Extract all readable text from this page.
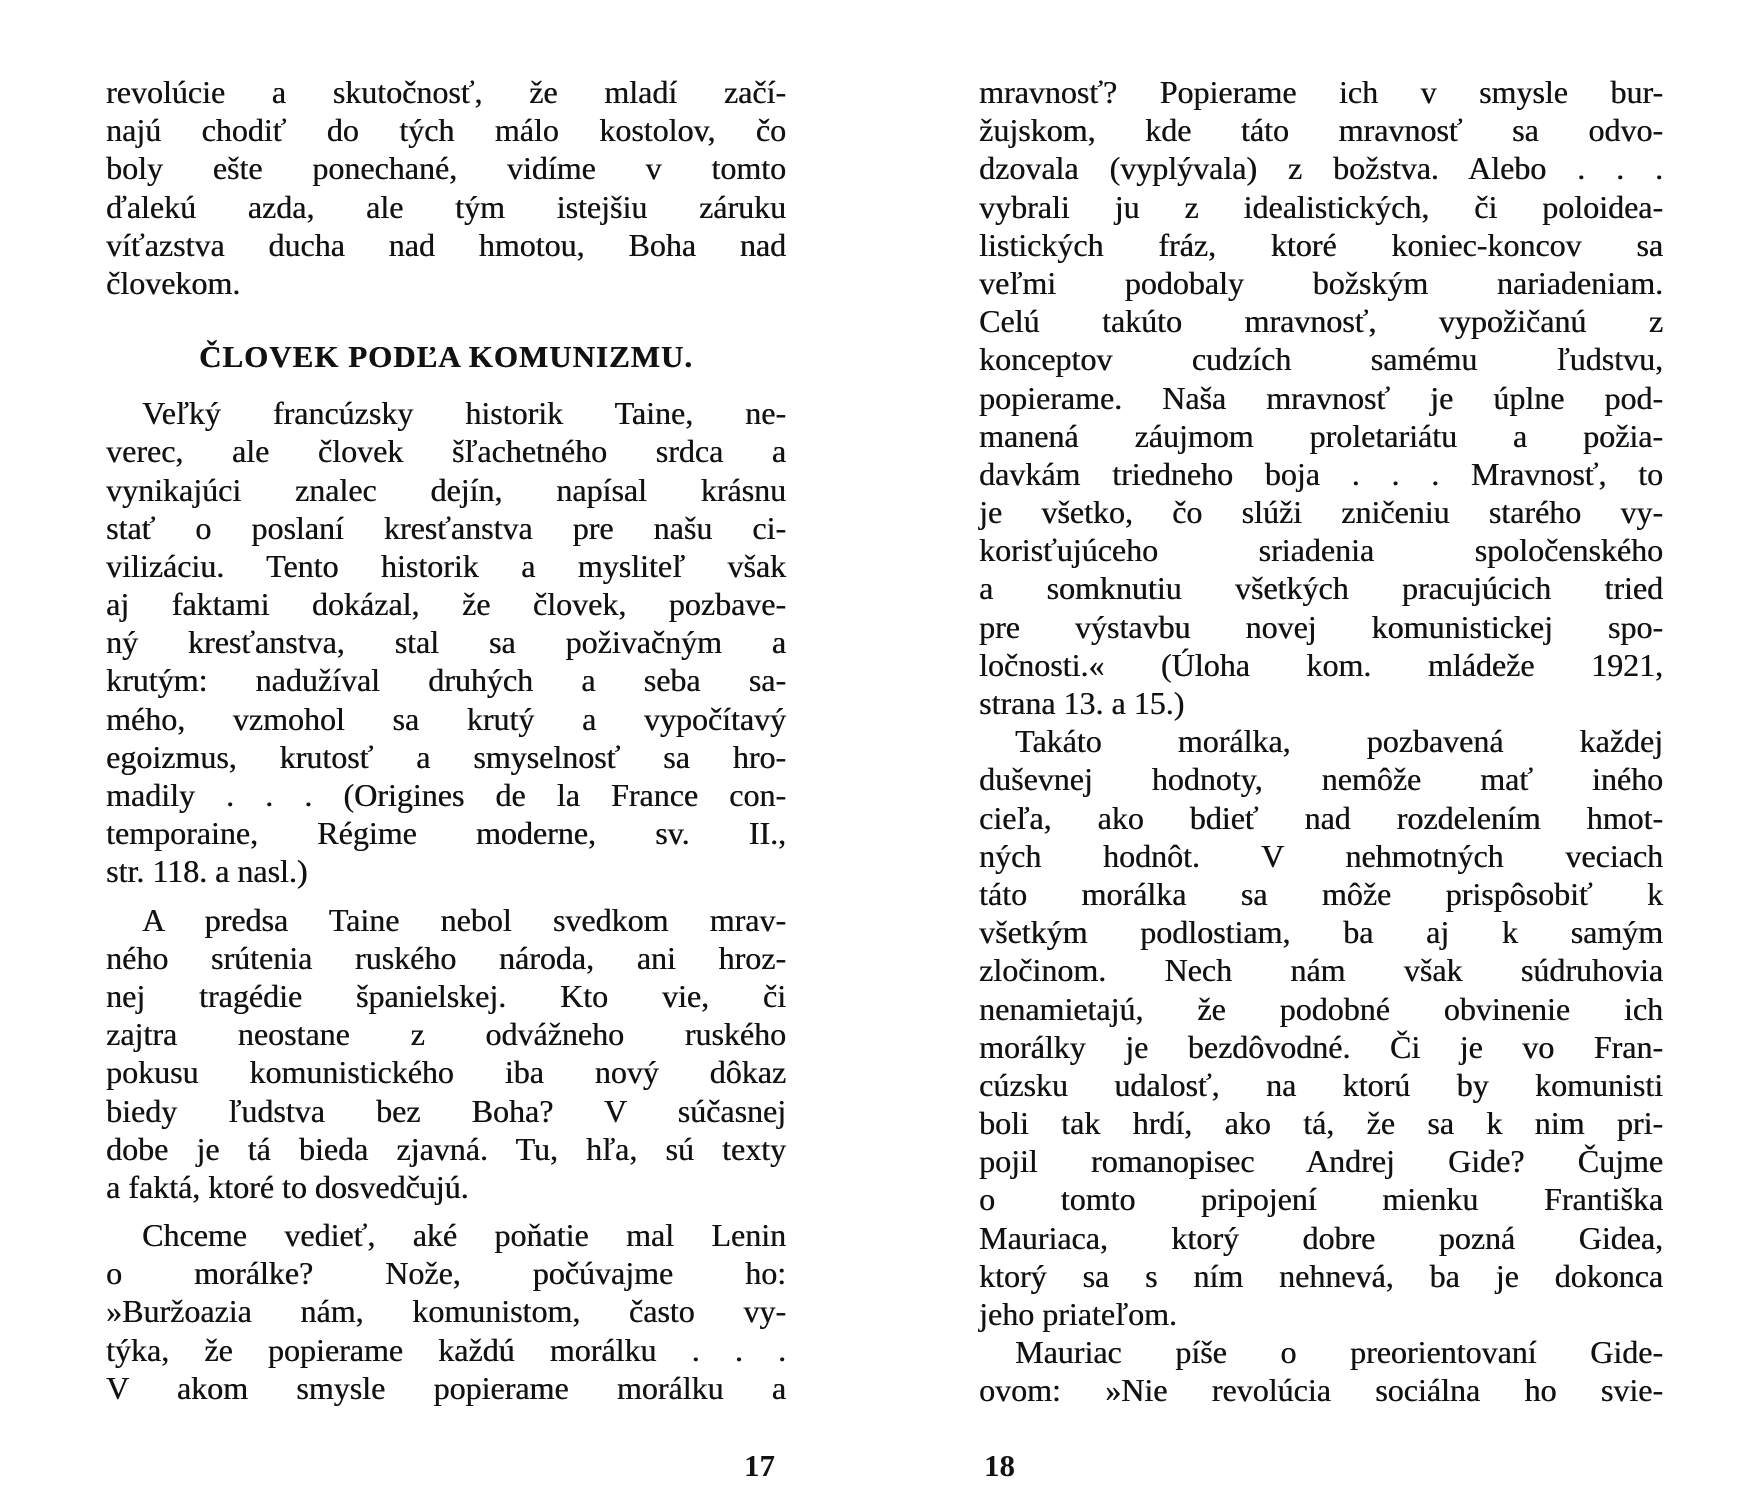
revolúcie a skutočnosť, že mladí začí-
najú chodiť do tých málo kostolov, čo
boly ešte ponechané, vidíme v tomto
ďalekú azda, ale tým istejšiu záruku
víťazstva ducha nad hmotou, Boha nad
človekom.
ČLOVEK PODĽA KOMUNIZMU.
Veľký francúzsky historik Taine, ne-
verec, ale človek šľachetného srdca a
vynikajúci znalec dejín, napísal krásnu
stať o poslaní kresťanstva pre našu ci-
vilizáciu. Tento historik a mysliteľ však
aj faktami dokázal, že človek, pozbave-
ný kresťanstva, stal sa poživačným a
krutým: nadužíval druhých a seba sa-
mého, vzmohol sa krutý a vypočítavý
egoizmus, krutosť a smyselnosť sa hro-
madily . . . (Origines de la France con-
temporaine, Régime moderne, sv. II.,
str. 118. a nasl.)
A predsa Taine nebol svedkom mrav-
ného srútenia ruského národa, ani hroz-
nej tragédie španielskej. Kto vie, či
zajtra neostane z odvážneho ruského
pokusu komunistického iba nový dôkaz
biedy ľudstva bez Boha? V súčasnej
dobe je tá bieda zjavná. Tu, hľa, sú texty
a faktá, ktoré to dosvedčujú.
Chceme vedieť, aké poňatie mal Lenin
o morálke? Nože, počúvajme ho:
»Buržoazia nám, komunistom, často vy-
týka, že popierame každú morálku . . .
V akom smysle popierame morálku a
mravnosť? Popierame ich v smysle bur-
žujskom, kde táto mravnosť sa odvo-
dzovala (vyplývala) z božstva. Alebo . . .
vybrali ju z idealistických, či poloidea-
listických fráz, ktoré koniec-koncov sa
veľmi podobaly božským nariadeniam.
Celú takúto mravnosť, vypožičanú z
konceptov cudzích samému ľudstvu,
popierame. Naša mravnosť je úplne pod-
manená záujmom proletariátu a požia-
davkám triedneho boja . . . Mravnosť, to
je všetko, čo slúži zničeniu starého vy-
korisťujúceho sriadenia spoločenského
a somknutiu všetkých pracujúcich tried
pre výstavbu novej komunistickej spo-
ločnosti.« (Úloha kom. mládeže 1921,
strana 13. a 15.)
Takáto morálka, pozbavená každej
duševnej hodnoty, nemôže mať iného
cieľa, ako bdieť nad rozdelením hmot-
ných hodnôt. V nehmotných veciach
táto morálka sa môže prispôsobiť k
všetkým podlostiam, ba aj k samým
zločinom. Nech nám však súdruhovia
nenamietajú, že podobné obvinenie ich
morálky je bezdôvodné. Či je vo Fran-
cúzsku udalosť, na ktorú by komunisti
boli tak hrdí, ako tá, že sa k nim pri-
pojil romanopisec Andrej Gide? Čujme
o tomto pripojení mienku Františka
Mauriaca, ktorý dobre pozná Gidea,
ktorý sa s ním nehnevá, ba je dokonca
jeho priateľom.
Mauriac píše o preorientovaní Gide-
ovom: »Nie revolúcia sociálna ho svie-
17	18
